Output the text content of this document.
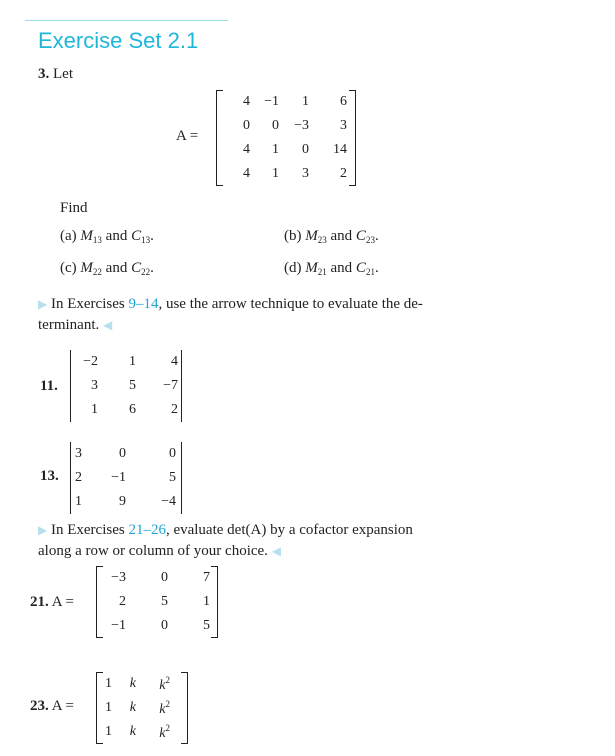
Exercise Set 2.1
3. Let
A =
4	−1	1	6
0	0	−3	3
4	1	0	14
4	1	3	2
Find
(a) $M_{13}$ and $C_{13}$.	(b) $M_{23}$ and $C_{23}$.
(c) $M_{22}$ and $C_{22}$.	(d) $M_{21}$ and $C_{21}$.
▶ In Exercises 9–14, use the arrow technique to evaluate the de-
terminant. ◀
11.
−2	1	4
3	5	−7
1	6	2
13.
3	0	0
2	−1	5
1	9	−4
▶ In Exercises 21–26, evaluate det(A) by a cofactor expansion
along a row or column of your choice. ◀
21. A =
−3	0	7
2	5	1
−1	0	5
23. A =
1	k	$k^2$
1	k	$k^2$
1	k	$k^2$
